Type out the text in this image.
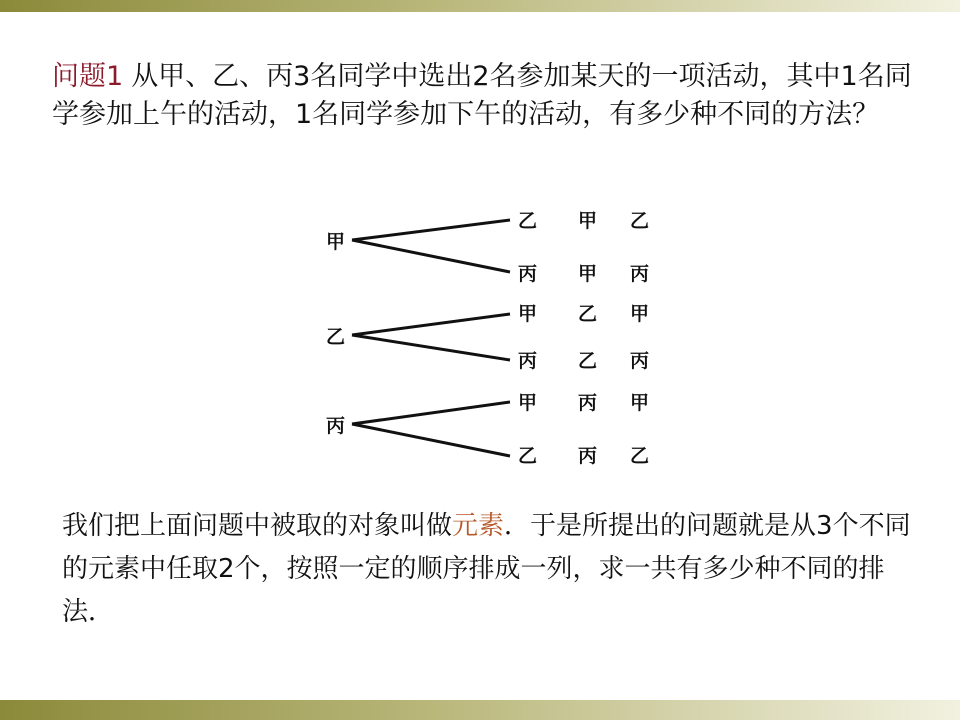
问题1 从甲、乙、丙3名同学中选出2名参加某天的一项活动，其中1名同学参加上午的活动，1名同学参加下午的活动，有多少种不同的方法？
甲
乙
丙
乙
丙
甲
丙
甲
乙
甲 乙
甲 丙
乙 甲
乙 丙
丙 甲
丙 乙
我们把上面问题中被取的对象叫做元素．于是所提出的问题就是从3个不同的元素中任取2个，按照一定的顺序排成一列，求一共有多少种不同的排法．
